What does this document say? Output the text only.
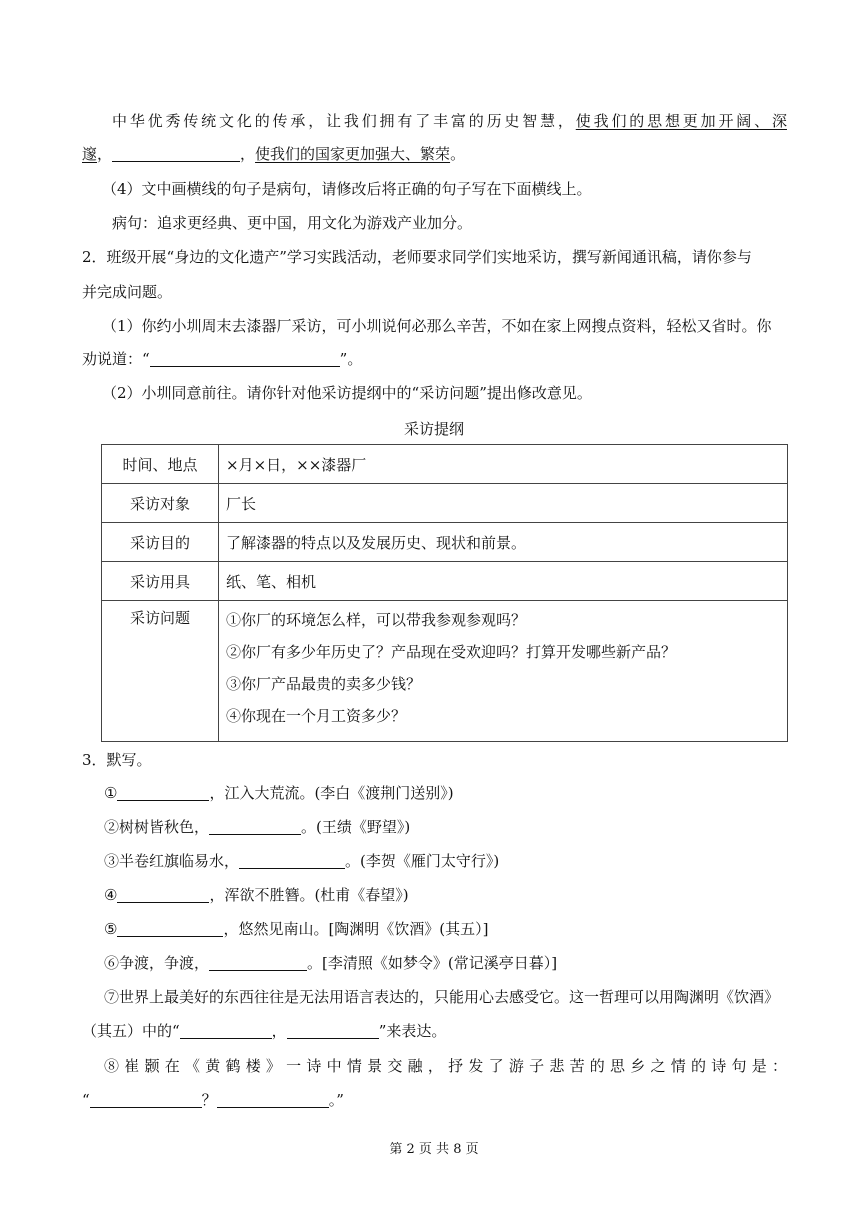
中华优秀传统文化的传承，让我们拥有了丰富的历史智慧，使我们的思想更加开阔、深
邃，	，使我们的国家更加强大、繁荣。
（4）文中画横线的句子是病句，请修改后将正确的句子写在下面横线上。
病句：追求更经典、更中国，用文化为游戏产业加分。
2．班级开展“身边的文化遗产”学习实践活动，老师要求同学们实地采访，撰写新闻通讯稿，请你参与
并完成问题。
（1）你约小圳周末去漆器厂采访，可小圳说何必那么辛苦，不如在家上网搜点资料，轻松又省时。你
劝说道：“	”。
（2）小圳同意前往。请你针对他采访提纲中的“采访问题”提出修改意见。
采访提纲
时间、地点	×月×日，××漆器厂
采访对象	厂长
采访目的	了解漆器的特点以及发展历史、现状和前景。
采访用具	纸、笔、相机
采访问题	①你厂的环境怎么样，可以带我参观参观吗？
②你厂有多少年历史了？产品现在受欢迎吗？打算开发哪些新产品？
③你厂产品最贵的卖多少钱？
④你现在一个月工资多少？
3．默写。
①	，江入大荒流。(李白《渡荆门送别》)
②树树皆秋色，	。(王绩《野望》)
③半卷红旗临易水，	。(李贺《雁门太守行》)
④	，浑欲不胜簪。(杜甫《春望》)
⑤	，悠然见南山。[陶渊明《饮酒》(其五）]
⑥争渡，争渡，	。[李清照《如梦令》(常记溪亭日暮）]
⑦世界上最美好的东西往往是无法用语言表达的，只能用心去感受它。这一哲理可以用陶渊明《饮酒》
（其五）中的“	，	”来表达。
⑧崔颢在《黄鹤楼》一诗中情景交融，抒发了游子悲苦的思乡之情的诗句是：
“	？	。”
第 2 页 共 8 页
